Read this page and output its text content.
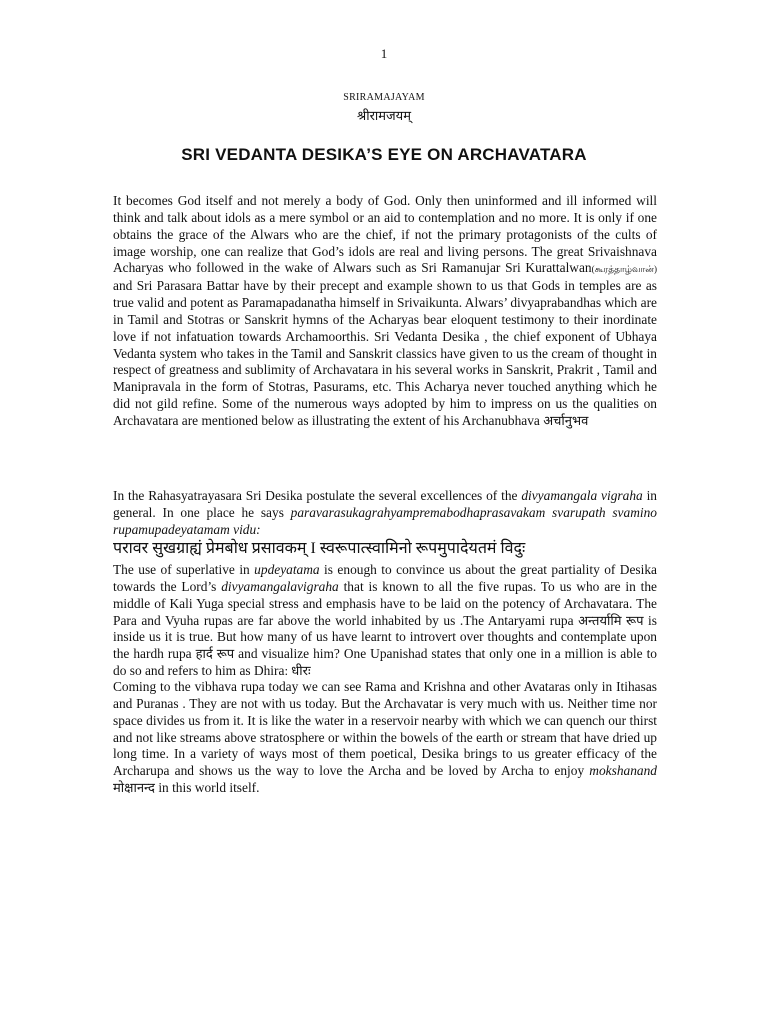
1
SRIRAMAJAYAM
श्रीरामजयम्
SRI VEDANTA DESIKA’S EYE ON ARCHAVATARA

It becomes God itself and not merely a body of God. Only then uninformed and ill informed will think and talk about idols as a mere symbol or an aid to contemplation and no more. It is only if one obtains the grace of the Alwars who are the chief, if not the primary protagonists of the cults of image worship, one can realize that God’s idols are real and living persons. The great Srivaishnava Acharyas who followed in the wake of Alwars such as Sri Ramanujar Sri Kurattalwan(கூரத்தாழ்வான்) and Sri Parasara Battar have by their precept and example shown to us that Gods in temples are as true valid and potent as Paramapadanatha himself in Srivaikunta. Alwars’ divyaprabandhas which are in Tamil and Stotras or Sanskrit hymns of the Acharyas bear eloquent testimony to their inordinate love if not infatuation towards Archamoorthis. Sri Vedanta Desika , the chief exponent of Ubhaya Vedanta system who takes in the Tamil and Sanskrit classics have given to us the cream of thought in respect of greatness and sublimity of Archavatara in his several works in Sanskrit, Prakrit , Tamil and Manipravala in the form of Stotras, Pasurams, etc. This Acharya never touched anything which he did not gild refine. Some of the numerous ways adopted by him to impress on us the qualities on Archavatara are mentioned below as illustrating the extent of his Archanubhava अर्चानुभव

In the Rahasyatrayasara Sri Desika postulate the several excellences of the divyamangala vigraha in general. In one place he says paravarasukagrahyampremabodhaprasavakam svarupath svamino rupamupadeyatamam vidu:
परावर सुखग्राह्यं प्रेमबोध प्रसावकम् I स्वरूपात्स्वामिनो रूपमुपादेयतमं विदुः

The use of superlative in updeyatama is enough to convince us about the great partiality of Desika towards the Lord’s divyamangalavigraha that is known to all the five rupas. To us who are in the middle of Kali Yuga special stress and emphasis have to be laid on the potency of Archavatara. The Para and Vyuha rupas are far above the world inhabited by us .The Antaryami rupa अन्तर्यामि रूप is inside us it is true. But how many of us have learnt to introvert over thoughts and contemplate upon the hardh rupa हार्द रूप and visualize him? One Upanishad states that only one in a million is able to do so and refers to him as Dhira: धीरः

Coming to the vibhava rupa today we can see Rama and Krishna and other Avataras only in Itihasas and Puranas . They are not with us today. But the Archavatar is very much with us. Neither time nor space divides us from it. It is like the water in a reservoir nearby with which we can quench our thirst and not like streams above stratosphere or within the bowels of the earth or stream that have dried up long time. In a variety of ways most of them poetical, Desika brings to us greater efficacy of the Archarupa and shows us the way to love the Archa and be loved by Archa to enjoy mokshanand मोक्षानन्द in this world itself.
